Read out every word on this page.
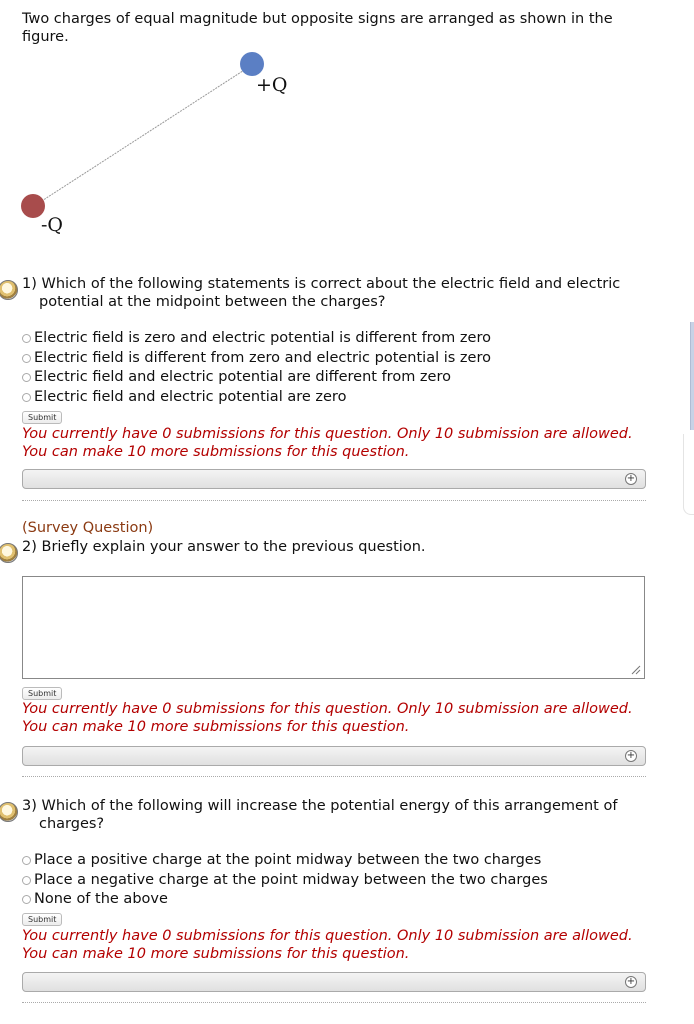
Two charges of equal magnitude but opposite signs are arranged as shown in the figure.
+Q
-Q
1) Which of the following statements is correct about the electric field and electric potential at the midpoint between the charges?
Electric field is zero and electric potential is different from zero
Electric field is different from zero and electric potential is zero
Electric field and electric potential are different from zero
Electric field and electric potential are zero
Submit
You currently have 0 submissions for this question. Only 10 submission are allowed.
You can make 10 more submissions for this question.
+
(Survey Question)
2) Briefly explain your answer to the previous question.
Submit
You currently have 0 submissions for this question. Only 10 submission are allowed.
You can make 10 more submissions for this question.
+
3) Which of the following will increase the potential energy of this arrangement of charges?
Place a positive charge at the point midway between the two charges
Place a negative charge at the point midway between the two charges
None of the above
Submit
You currently have 0 submissions for this question. Only 10 submission are allowed.
You can make 10 more submissions for this question.
+
